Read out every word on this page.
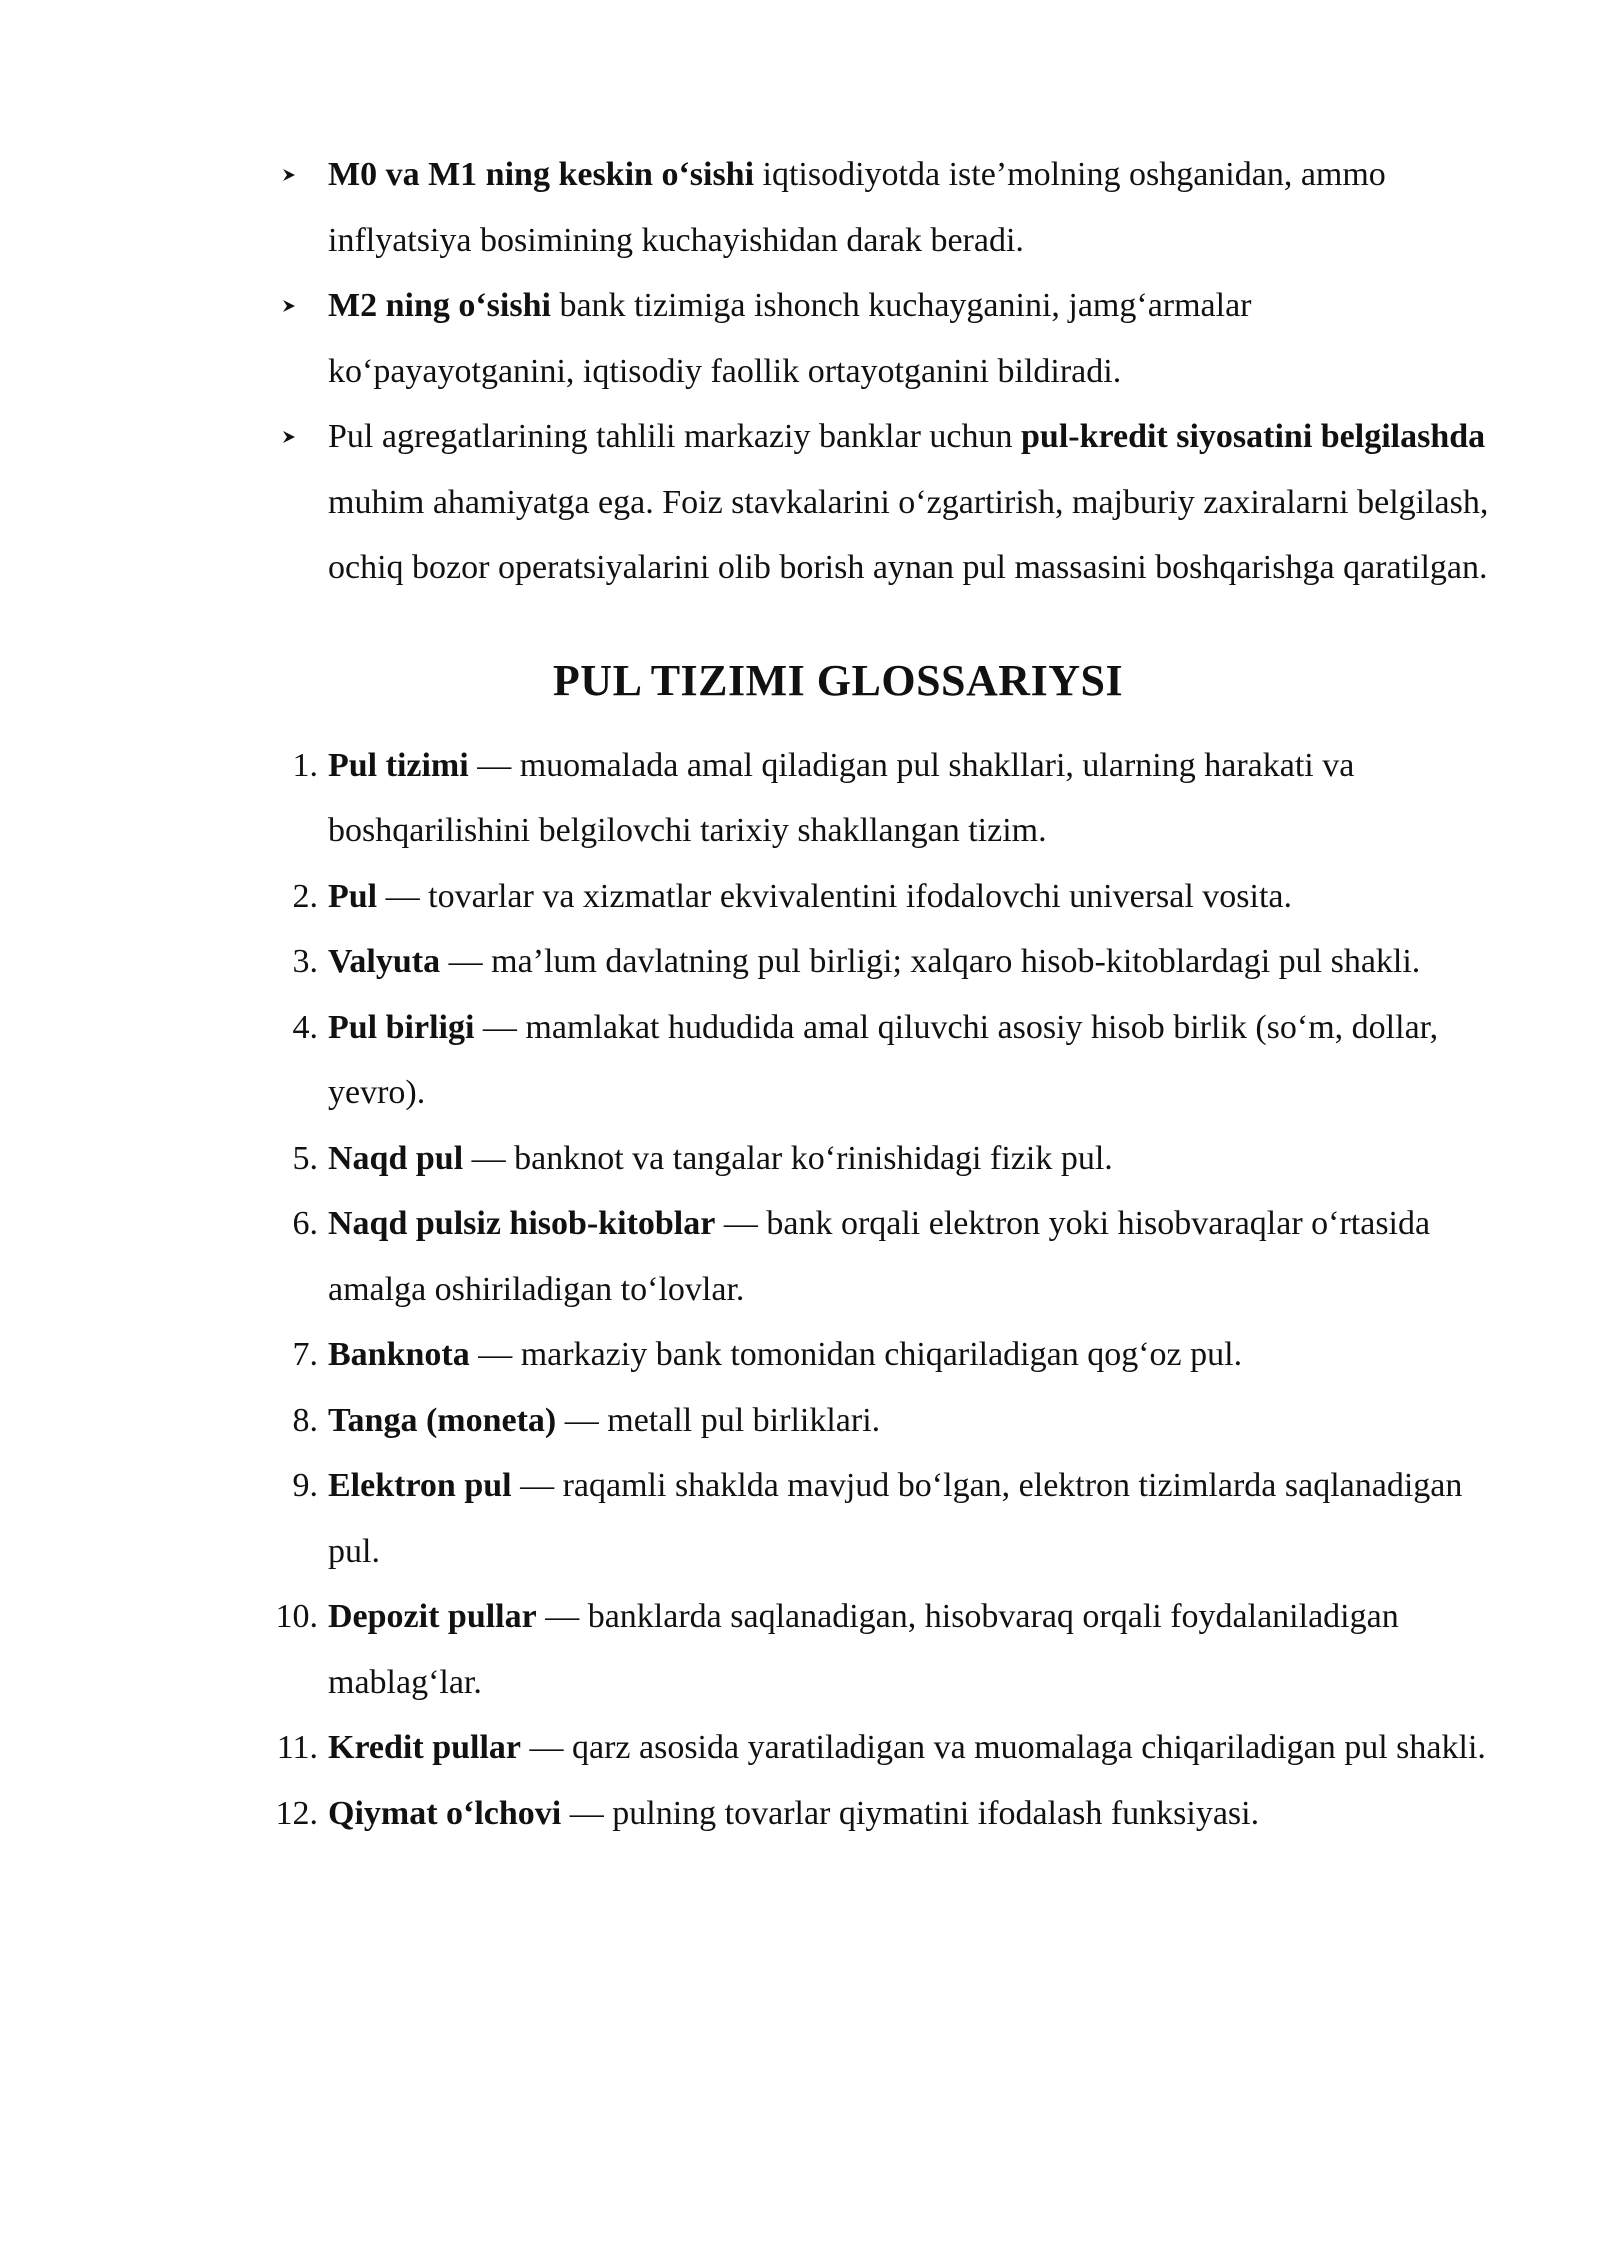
M0 va M1 ning keskin o‘sishi iqtisodiyotda iste’molning oshganidan, ammo inflyatsiya bosimining kuchayishidan darak beradi.
M2 ning o‘sishi bank tizimiga ishonch kuchayganini, jamg‘armalar ko‘payayotganini, iqtisodiy faollik ortayotganini bildiradi.
Pul agregatlarining tahlili markaziy banklar uchun pul-kredit siyosatini belgilashda muhim ahamiyatga ega. Foiz stavkalarini o‘zgartirish, majburiy zaxiralarni belgilash, ochiq bozor operatsiyalarini olib borish aynan pul massasini boshqarishga qaratilgan.
PUL TIZIMI GLOSSARIYSI
1. Pul tizimi — muomalada amal qiladigan pul shakllari, ularning harakati va boshqarilishini belgilovchi tarixiy shakllangan tizim.
2. Pul — tovarlar va xizmatlar ekvivalentini ifodalovchi universal vosita.
3. Valyuta — ma’lum davlatning pul birligi; xalqaro hisob-kitoblardagi pul shakli.
4. Pul birligi — mamlakat hududida amal qiluvchi asosiy hisob birlik (so‘m, dollar, yevro).
5. Naqd pul — banknot va tangalar ko‘rinishidagi fizik pul.
6. Naqd pulsiz hisob-kitoblar — bank orqali elektron yoki hisobvaraqlar o‘rtasida amalga oshiriladigan to‘lovlar.
7. Banknota — markaziy bank tomonidan chiqariladigan qog‘oz pul.
8. Tanga (moneta) — metall pul birliklari.
9. Elektron pul — raqamli shaklda mavjud bo‘lgan, elektron tizimlarda saqlanadigan pul.
10. Depozit pullar — banklarda saqlanadigan, hisobvaraq orqali foydalaniladigan mablag‘lar.
11. Kredit pullar — qarz asosida yaratiladigan va muomalaga chiqariladigan pul shakli.
12. Qiymat o‘lchovi — pulning tovarlar qiymatini ifodalash funksiyasi.
